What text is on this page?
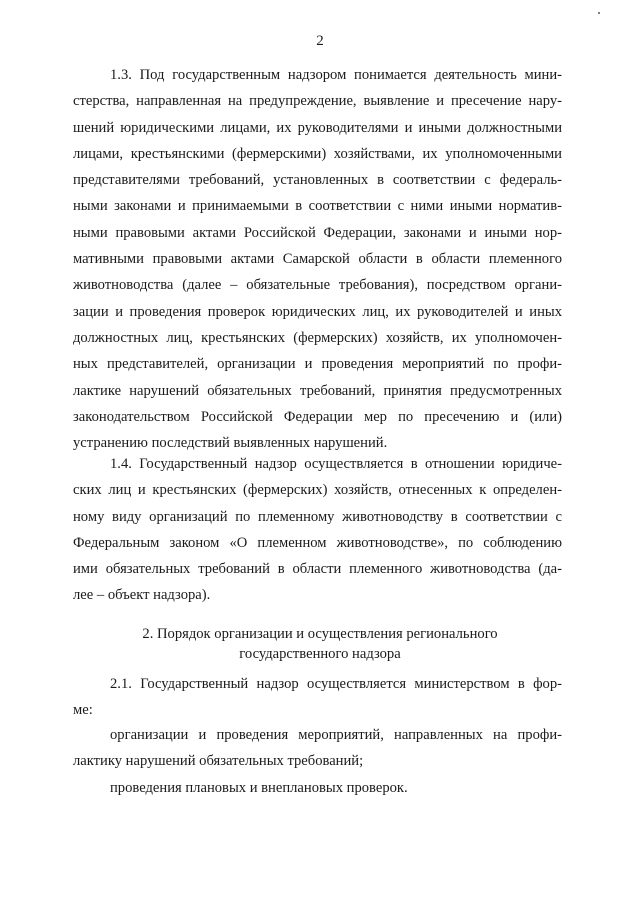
2
1.3. Под государственным надзором понимается деятельность мини-
стерства, направленная на предупреждение, выявление и пресечение нару-
шений юридическими лицами, их руководителями и иными должностными
лицами, крестьянскими (фермерскими) хозяйствами, их уполномоченными
представителями требований, установленных в соответствии с федераль-
ными законами и принимаемыми в соответствии с ними иными норматив-
ными правовыми актами Российской Федерации, законами и иными нор-
мативными правовыми актами Самарской области в области племенного
животноводства (далее – обязательные требования), посредством органи-
зации и проведения проверок юридических лиц, их руководителей и иных
должностных лиц, крестьянских (фермерских) хозяйств, их уполномочен-
ных представителей, организации и проведения мероприятий по профи-
лактике нарушений обязательных требований, принятия предусмотренных
законодательством Российской Федерации мер по пресечению и (или)
устранению последствий выявленных нарушений.
1.4. Государственный надзор осуществляется в отношении юридиче-
ских лиц и крестьянских (фермерских) хозяйств, отнесенных к определен-
ному виду организаций по племенному животноводству в соответствии с
Федеральным законом «О племенном животноводстве», по соблюдению
ими обязательных требований в области племенного животноводства (да-
лее – объект надзора).
2. Порядок организации и осуществления регионального
государственного надзора
2.1. Государственный надзор осуществляется министерством в фор-
ме:
организации и проведения мероприятий, направленных на профи-
лактику нарушений обязательных требований;
проведения плановых и внеплановых проверок.
